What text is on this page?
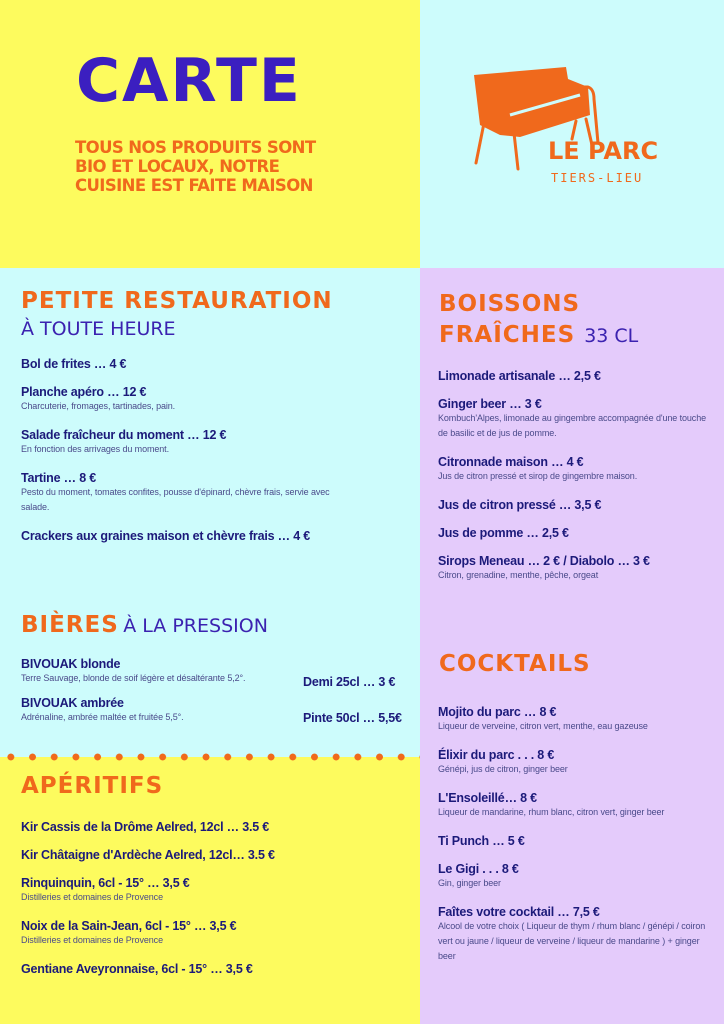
CARTE
TOUS NOS PRODUITS SONT
BIO ET LOCAUX, NOTRE
CUISINE EST FAITE MAISON
LE PARC
TIERS-LIEU
PETITE RESTAURATION
À TOUTE HEURE
Bol de frites … 4 €
Planche apéro … 12 €
Charcuterie, fromages, tartinades, pain.
Salade fraîcheur du moment … 12 €
En fonction des arrivages du moment.
Tartine … 8 €
Pesto du moment, tomates confites, pousse d'épinard, chèvre frais, servie avec salade.
Crackers aux graines maison et chèvre frais … 4 €
BIÈRES À LA PRESSION
BIVOUAK blonde
Terre Sauvage, blonde de soif légère et désaltérante 5,2°.
BIVOUAK ambrée
Adrénaline, ambrée maltée et fruitée 5,5°.
Demi 25cl … 3 €
Pinte 50cl … 5,5€
APÉRITIFS
Kir Cassis de la Drôme Aelred, 12cl … 3.5 €
Kir Châtaigne d'Ardèche Aelred, 12cl… 3.5 €
Rinquinquin, 6cl - 15° … 3,5 €
Distilleries et domaines de Provence
Noix de la Sain-Jean, 6cl - 15° … 3,5 €
Distilleries et domaines de Provence
Gentiane Aveyronnaise, 6cl - 15° … 3,5 €
BOISSONS
FRAÎCHES 33 CL
Limonade artisanale … 2,5 €
Ginger beer … 3 €
Kombuch'Alpes, limonade au gingembre accompagnée d'une touche de basilic et de jus de pomme.
Citronnade maison … 4 €
Jus de citron pressé et sirop de gingembre maison.
Jus de citron pressé … 3,5 €
Jus de pomme … 2,5 €
Sirops Meneau … 2 € / Diabolo … 3 €
Citron, grenadine, menthe, pêche, orgeat
COCKTAILS
Mojito du parc … 8 €
Liqueur de verveine, citron vert, menthe, eau gazeuse
Élixir du parc . . . 8 €
Génépi, jus de citron, ginger beer
L'Ensoleillé… 8 €
Liqueur de mandarine, rhum blanc, citron vert, ginger beer
Ti Punch … 5 €
Le Gigi . . . 8 €
Gin, ginger beer
Faîtes votre cocktail … 7,5 €
Alcool de votre choix ( Liqueur de thym / rhum blanc / génépi / coiron vert ou jaune / liqueur de verveine / liqueur de mandarine ) + ginger beer
